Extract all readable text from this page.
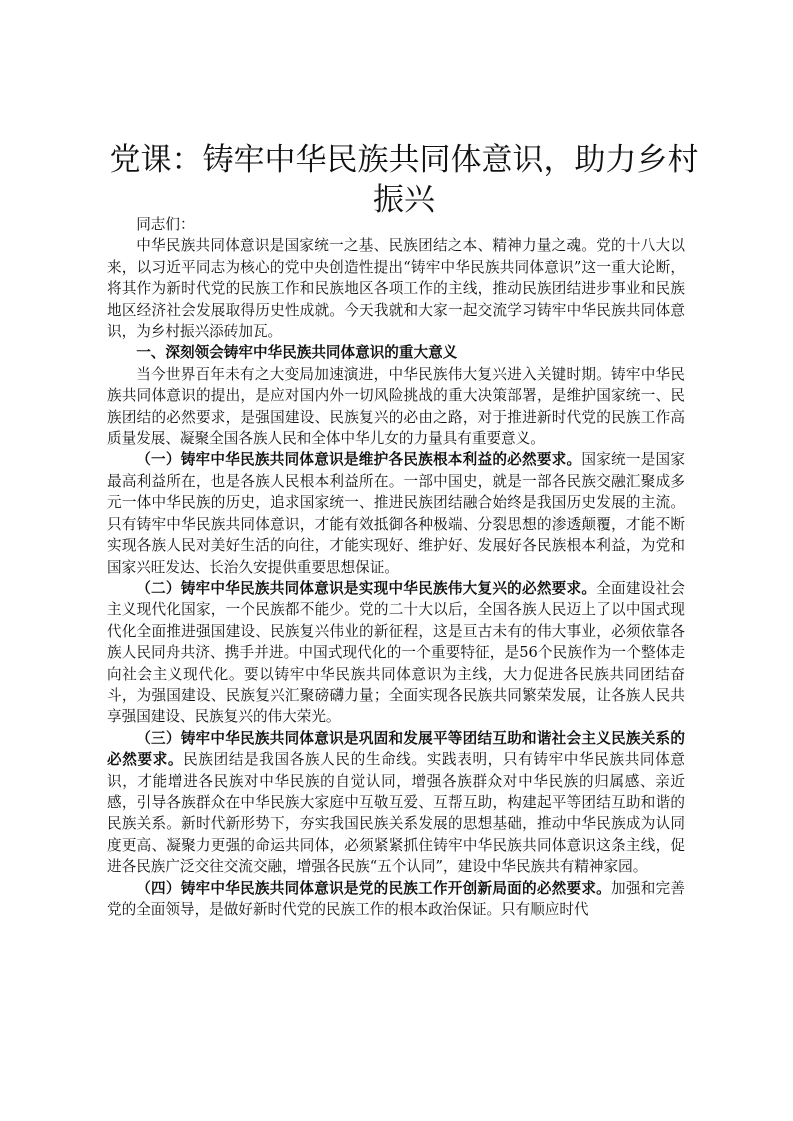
党课：铸牢中华民族共同体意识，助力乡村振兴

同志们：

中华民族共同体意识是国家统一之基、民族团结之本、精神力量之魂。党的十八大以来，以习近平同志为核心的党中央创造性提出“铸牢中华民族共同体意识”这一重大论断，将其作为新时代党的民族工作和民族地区各项工作的主线，推动民族团结进步事业和民族地区经济社会发展取得历史性成就。今天我就和大家一起交流学习铸牢中华民族共同体意识，为乡村振兴添砖加瓦。

一、深刻领会铸牢中华民族共同体意识的重大意义

当今世界百年未有之大变局加速演进，中华民族伟大复兴进入关键时期。铸牢中华民族共同体意识的提出，是应对国内外一切风险挑战的重大决策部署，是维护国家统一、民族团结的必然要求，是强国建设、民族复兴的必由之路，对于推进新时代党的民族工作高质量发展、凝聚全国各族人民和全体中华儿女的力量具有重要意义。

（一）铸牢中华民族共同体意识是维护各民族根本利益的必然要求。国家统一是国家最高利益所在，也是各族人民根本利益所在。一部中国史，就是一部各民族交融汇聚成多元一体中华民族的历史，追求国家统一、推进民族团结融合始终是我国历史发展的主流。只有铸牢中华民族共同体意识，才能有效抵御各种极端、分裂思想的渗透颠覆，才能不断实现各族人民对美好生活的向往，才能实现好、维护好、发展好各民族根本利益，为党和国家兴旺发达、长治久安提供重要思想保证。

（二）铸牢中华民族共同体意识是实现中华民族伟大复兴的必然要求。全面建设社会主义现代化国家，一个民族都不能少。党的二十大以后，全国各族人民迈上了以中国式现代化全面推进强国建设、民族复兴伟业的新征程，这是亘古未有的伟大事业，必须依靠各族人民同舟共济、携手并进。中国式现代化的一个重要特征，是56个民族作为一个整体走向社会主义现代化。要以铸牢中华民族共同体意识为主线，大力促进各民族共同团结奋斗，为强国建设、民族复兴汇聚磅礴力量；全面实现各民族共同繁荣发展，让各族人民共享强国建设、民族复兴的伟大荣光。

（三）铸牢中华民族共同体意识是巩固和发展平等团结互助和谐社会主义民族关系的必然要求。民族团结是我国各族人民的生命线。实践表明，只有铸牢中华民族共同体意识，才能增进各民族对中华民族的自觉认同，增强各族群众对中华民族的归属感、亲近感，引导各族群众在中华民族大家庭中互敬互爱、互帮互助，构建起平等团结互助和谐的民族关系。新时代新形势下，夯实我国民族关系发展的思想基础，推动中华民族成为认同度更高、凝聚力更强的命运共同体，必须紧紧抓住铸牢中华民族共同体意识这条主线，促进各民族广泛交往交流交融，增强各民族“五个认同”，建设中华民族共有精神家园。

（四）铸牢中华民族共同体意识是党的民族工作开创新局面的必然要求。加强和完善党的全面领导，是做好新时代党的民族工作的根本政治保证。只有顺应时代
